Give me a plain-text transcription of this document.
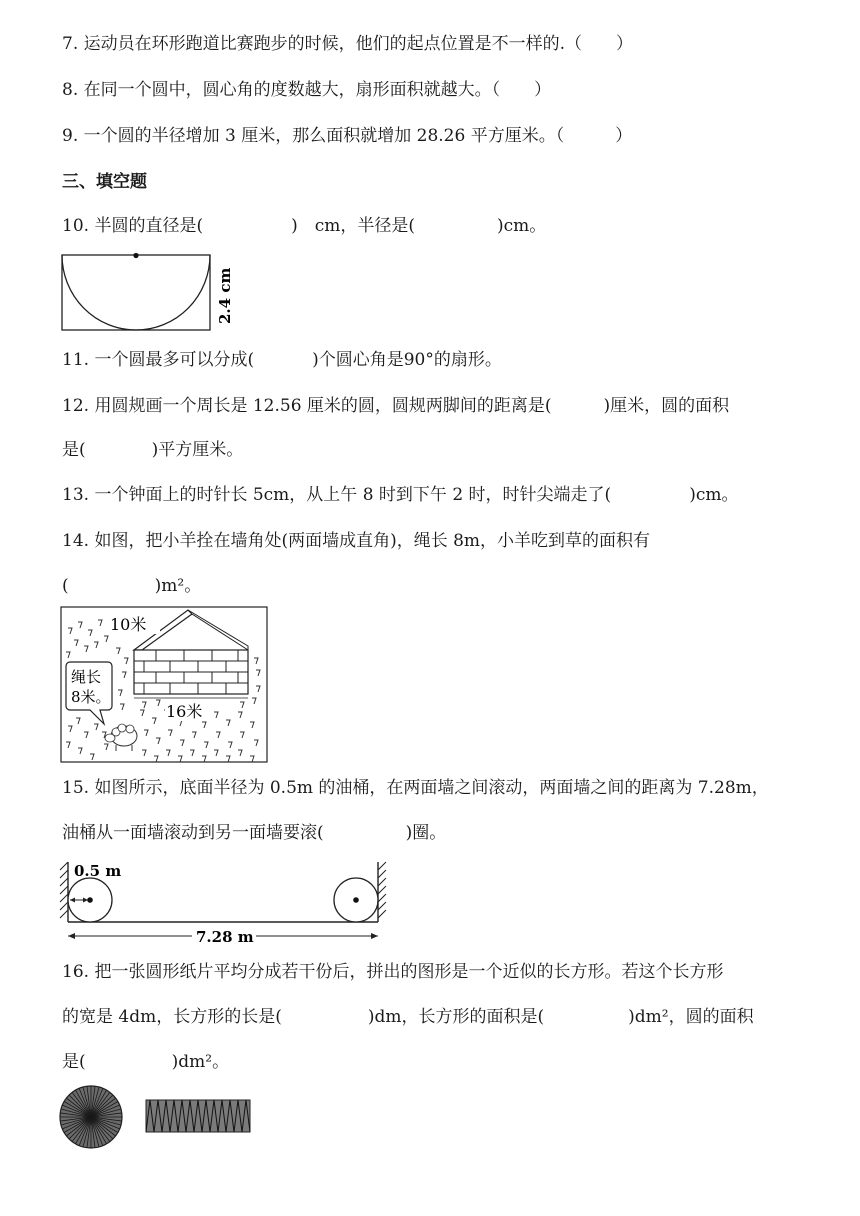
7. 运动员在环形跑道比赛跑步的时候，他们的起点位置是不一样的.（　　）
8. 在同一个圆中，圆心角的度数越大，扇形面积就越大。（　　）
9. 一个圆的半径增加 3 厘米，那么面积就增加 28.26 平方厘米。（　　　）
三、填空题
10. 半圆的直径是(	)　cm，半径是(	)cm。
2.4 cm
11. 一个圆最多可以分成(	)个圆心角是90°的扇形。
12. 用圆规画一个周长是 12.56 厘米的圆，圆规两脚间的距离是(	)厘米，圆的面积
是(	)平方厘米。
13. 一个钟面上的时针长 5cm，从上午 8 时到下午 2 时，时针尖端走了(	)cm。
14. 如图，把小羊拴在墙角处(两面墙成直角)，绳长 8m，小羊吃到草的面积有
(	)m²。
10米
16米
绳长
8米。
15. 如图所示，底面半径为 0.5m 的油桶，在两面墙之间滚动，两面墙之间的距离为 7.28m，
油桶从一面墙滚动到另一面墙要滚(	)圈。
0.5 m
7.28 m
16. 把一张圆形纸片平均分成若干份后，拼出的图形是一个近似的长方形。若这个长方形
的宽是 4dm，长方形的长是(	)dm，长方形的面积是(	)dm²，圆的面积
是(	)dm²。
